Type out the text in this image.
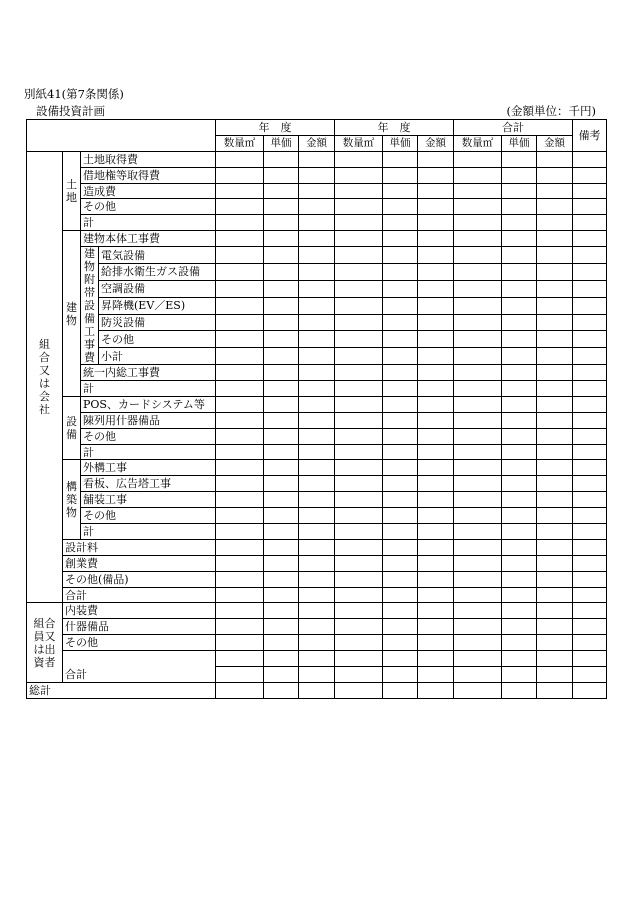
別紙41(第7条関係)
設備投資計画	(金額単位：千円)
				年　度			年　度			合計			備考
				数量㎡	単価	金額	数量㎡	単価	金額	数量㎡	単価	金額	
組合又は会社	土地	土地取得費											
		借地権等取得費											
		造成費											
		その他											
		計											
	建物	建物本体工事費											
		建物附帯設備工事費	電気設備										
			給排水衛生ガス設備										
			空調設備										
			昇降機(EV／ES)										
			防災設備										
			その他										
			小計										
		統一内総工事費											
		計											
	設備	POS、カードシステム等											
		陳列用什器備品											
		その他											
		計											
	構築物	外構工事											
		看板、広告塔工事											
		舗装工事											
		その他											
		計											
	設計料												
	創業費												
	その他(備品)												
	合計												
組合員又は出資者	内装費												
	什器備品												
	その他												

	合計												
総計													
